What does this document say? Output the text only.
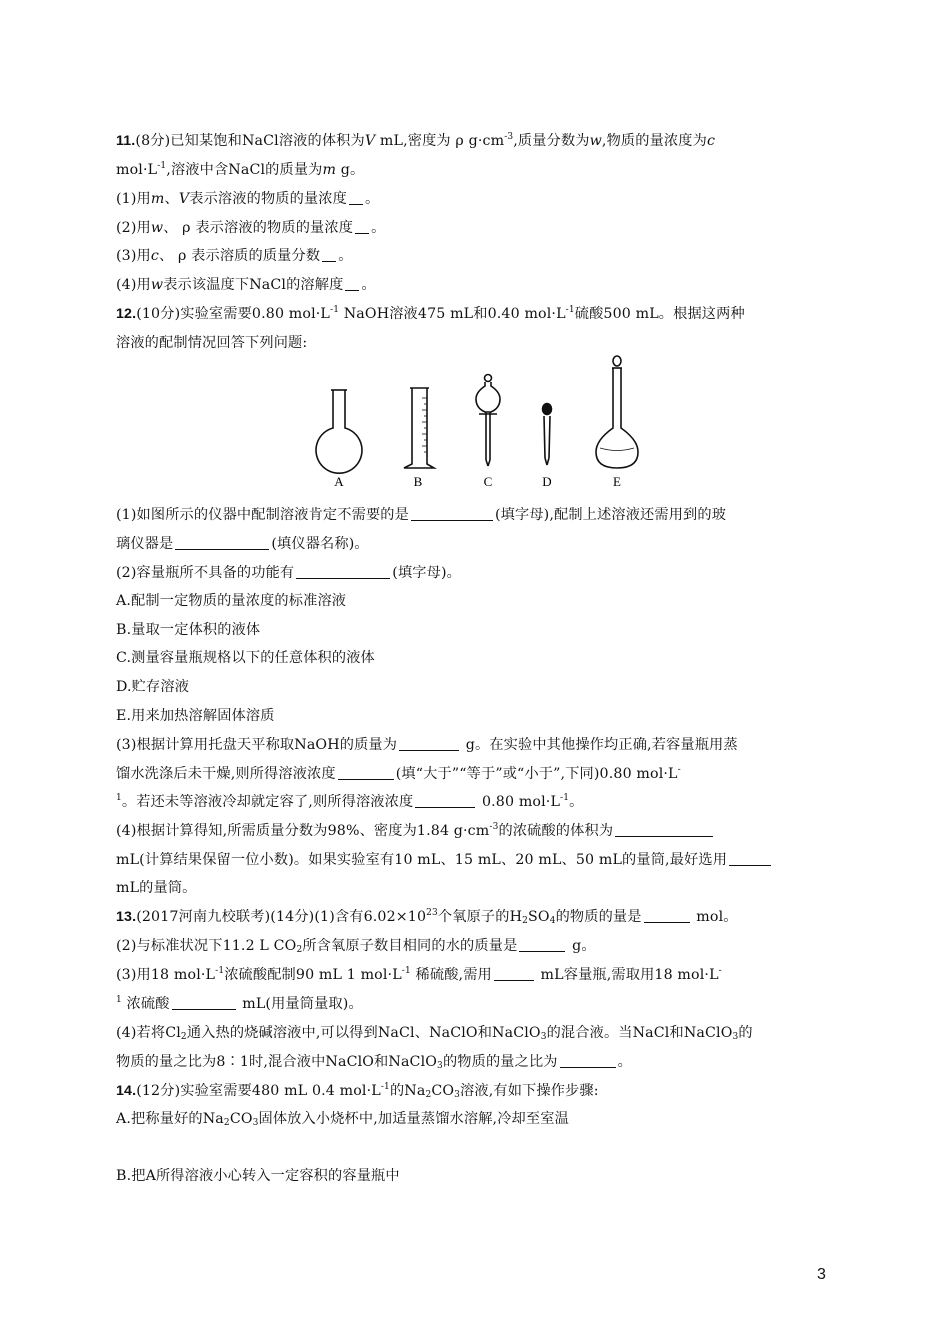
11.(8分)已知某饱和NaCl溶液的体积为V mL,密度为 ρ $g\cdot cm^{-3}$,质量分数为w,物质的量浓度为c
$mol\cdot L^{-1}$,溶液中含NaCl的质量为m g。
(1)用m、V表示溶液的物质的量浓度 。
(2)用w、 ρ 表示溶液的物质的量浓度 。
(3)用c、 ρ 表示溶质的质量分数 。
(4)用w表示该温度下NaCl的溶解度 。
12.(10分)实验室需要0.80 $mol\cdot L^{-1}$ NaOH溶液475 mL和0.40 $mol\cdot L^{-1}$硫酸500 mL。根据这两种
溶液的配制情况回答下列问题:
A	B	C	D	E
(1)如图所示的仪器中配制溶液肯定不需要的是	(填字母),配制上述溶液还需用到的玻
璃仪器是	(填仪器名称)。
(2)容量瓶所不具备的功能有	(填字母)。
A.配制一定物质的量浓度的标准溶液
B.量取一定体积的液体
C.测量容量瓶规格以下的任意体积的液体
D.贮存溶液
E.用来加热溶解固体溶质
(3)根据计算用托盘天平称取NaOH的质量为	g。在实验中其他操作均正确,若容量瓶用蒸
馏水洗涤后未干燥,则所得溶液浓度	(填“大于”“等于”或“小于”,下同)0.80 mol·L-
$^1$。若还未等溶液冷却就定容了,则所得溶液浓度	0.80 $mol\cdot L^{-1}$。
(4)根据计算得知,所需质量分数为98%、密度为1.84 $g\cdot cm^{-3}$的浓硫酸的体积为
mL(计算结果保留一位小数)。如果实验室有10 mL、15 mL、20 mL、50 mL的量筒,最好选用
mL的量筒。
13.(2017河南九校联考)(14分)(1)含有$6.02\times 10^{23}$个氧原子的$H_2SO_4$的物质的量是	mol。
(2)与标准状况下11.2 L $CO_2$所含氧原子数目相同的水的质量是	g。
(3)用18 $mol\cdot L^{-1}$浓硫酸配制90 mL 1 $mol\cdot L^{-1}$ 稀硫酸,需用	mL容量瓶,需取用18 mol·L-
$^1$ 浓硫酸	mL(用量筒量取)。
(4)若将$Cl_2$通入热的烧碱溶液中,可以得到NaCl、NaClO和NaClO$_3$的混合液。当NaCl和NaClO$_3$的
物质的量之比为8∶1时,混合液中NaClO和NaClO$_3$的物质的量之比为	。
14.(12分)实验室需要480 mL 0.4 $mol\cdot L^{-1}$的$Na_2CO_3$溶液,有如下操作步骤:
A.把称量好的$Na_2CO_3$固体放入小烧杯中,加适量蒸馏水溶解,冷却至室温
B.把A所得溶液小心转入一定容积的容量瓶中
3
